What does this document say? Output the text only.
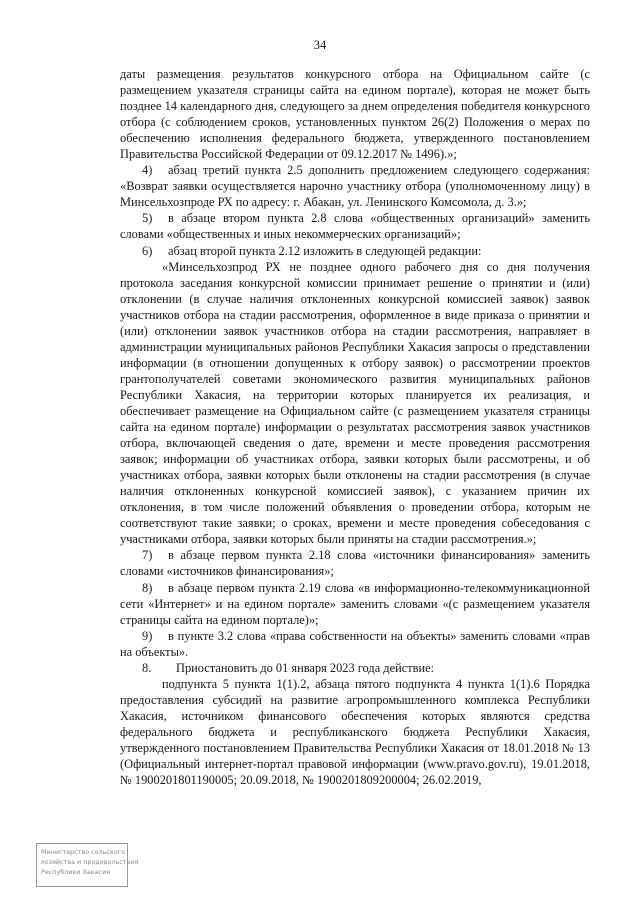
34

даты размещения результатов конкурсного отбора на Официальном сайте (с размещением указателя страницы сайта на едином портале), которая не может быть позднее 14 календарного дня, следующего за днем определения победителя конкурсного отбора (с соблюдением сроков, установленных пунктом 26(2) Положения о мерах по обеспечению исполнения федерального бюджета, утвержденного постановлением Правительства Российской Федерации от 09.12.2017 № 1496).»;

4) абзац третий пункта 2.5 дополнить предложением следующего содержания: «Возврат заявки осуществляется нарочно участнику отбора (уполномоченному лицу) в Минсельхозпроде РХ по адресу: г. Абакан, ул. Ленинского Комсомола, д. 3.»;

5) в абзаце втором пункта 2.8 слова «общественных организаций» заменить словами «общественных и иных некоммерческих организаций»;

6) абзац второй пункта 2.12 изложить в следующей редакции:

«Минсельхозпрод РХ не позднее одного рабочего дня со дня получения протокола заседания конкурсной комиссии принимает решение о принятии и (или) отклонении (в случае наличия отклоненных конкурсной комиссией заявок) заявок участников отбора на стадии рассмотрения, оформленное в виде приказа о принятии и (или) отклонении заявок участников отбора на стадии рассмотрения, направляет в администрации муниципальных районов Республики Хакасия запросы о представлении информации (в отношении допущенных к отбору заявок) о рассмотрении проектов грантополучателей советами экономического развития муниципальных районов Республики Хакасия, на территории которых планируется их реализация, и обеспечивает размещение на Официальном сайте (с размещением указателя страницы сайта на едином портале) информации о результатах рассмотрения заявок участников отбора, включающей сведения о дате, времени и месте проведения рассмотрения заявок; информации об участниках отбора, заявки которых были рассмотрены, и об участниках отбора, заявки которых были отклонены на стадии рассмотрения (в случае наличия отклоненных конкурсной комиссией заявок), с указанием причин их отклонения, в том числе положений объявления о проведении отбора, которым не соответствуют такие заявки; о сроках, времени и месте проведения собеседования с участниками отбора, заявки которых были приняты на стадии рассмотрения.»;

7) в абзаце первом пункта 2.18 слова «источники финансирования» заменить словами «источников финансирования»;

8) в абзаце первом пункта 2.19 слова «в информационно-телекоммуникационной сети «Интернет» и на едином портале» заменить словами «(с размещением указателя страницы сайта на едином портале)»;

9) в пункте 3.2 слова «права собственности на объекты» заменить словами «прав на объекты».

8. Приостановить до 01 января 2023 года действие:

подпункта 5 пункта 1(1).2, абзаца пятого подпункта 4 пункта 1(1).6 Порядка предоставления субсидий на развитие агропромышленного комплекса Республики Хакасия, источником финансового обеспечения которых являются средства федерального бюджета и республиканского бюджета Республики Хакасия, утвержденного постановлением Правительства Республики Хакасия от 18.01.2018 № 13 (Официальный интернет-портал правовой информации (www.pravo.gov.ru), 19.01.2018, № 1900201801190005; 20.09.2018, № 1900201809200004; 26.02.2019,

Министерство сельского
хозяйства и продовольствия
Республики Хакасия
